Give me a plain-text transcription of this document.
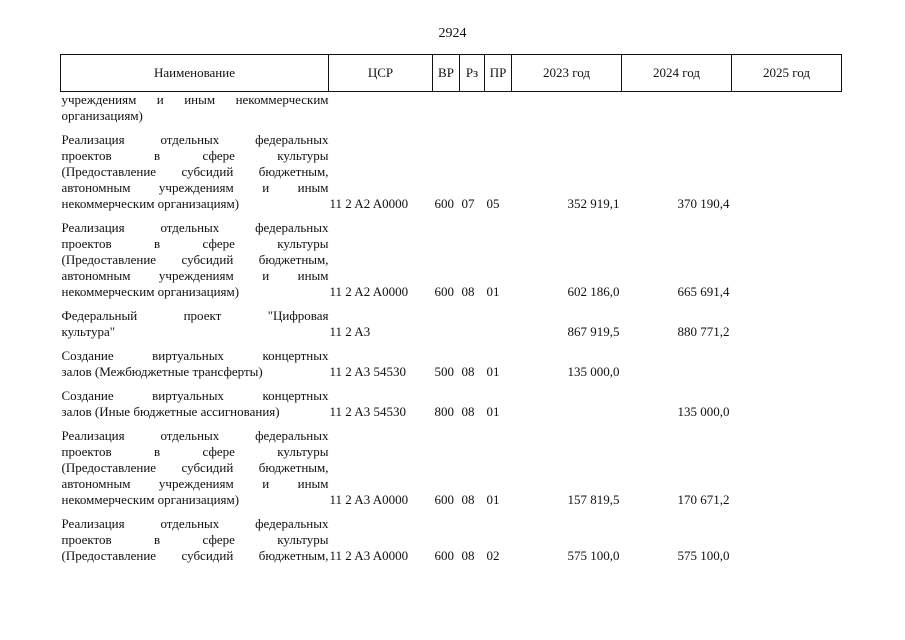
2924
Наименование	ЦСР	ВР	Рз	ПР	2023 год	2024 год	2025 год

учреждениям и иным некоммерческим
организациям)							

Реализация отдельных федеральных
проектов в сфере культуры
(Предоставление субсидий бюджетным,
автономным учреждениям и иным
некоммерческим организациям)	11 2 A2 A0000	600	07	05	352 919,1	370 190,4	

Реализация отдельных федеральных
проектов в сфере культуры
(Предоставление субсидий бюджетным,
автономным учреждениям и иным
некоммерческим организациям)	11 2 A2 A0000	600	08	01	602 186,0	665 691,4	

Федеральный проект "Цифровая
культура"	11 2 A3				867 919,5	880 771,2	

Создание виртуальных концертных
залов (Межбюджетные трансферты)	11 2 A3 54530	500	08	01	135 000,0		

Создание виртуальных концертных
залов (Иные бюджетные ассигнования)	11 2 A3 54530	800	08	01		135 000,0	

Реализация отдельных федеральных
проектов в сфере культуры
(Предоставление субсидий бюджетным,
автономным учреждениям и иным
некоммерческим организациям)	11 2 A3 A0000	600	08	01	157 819,5	170 671,2	

Реализация отдельных федеральных
проектов в сфере культуры
(Предоставление субсидий бюджетным,	11 2 A3 A0000	600	08	02	575 100,0	575 100,0	
